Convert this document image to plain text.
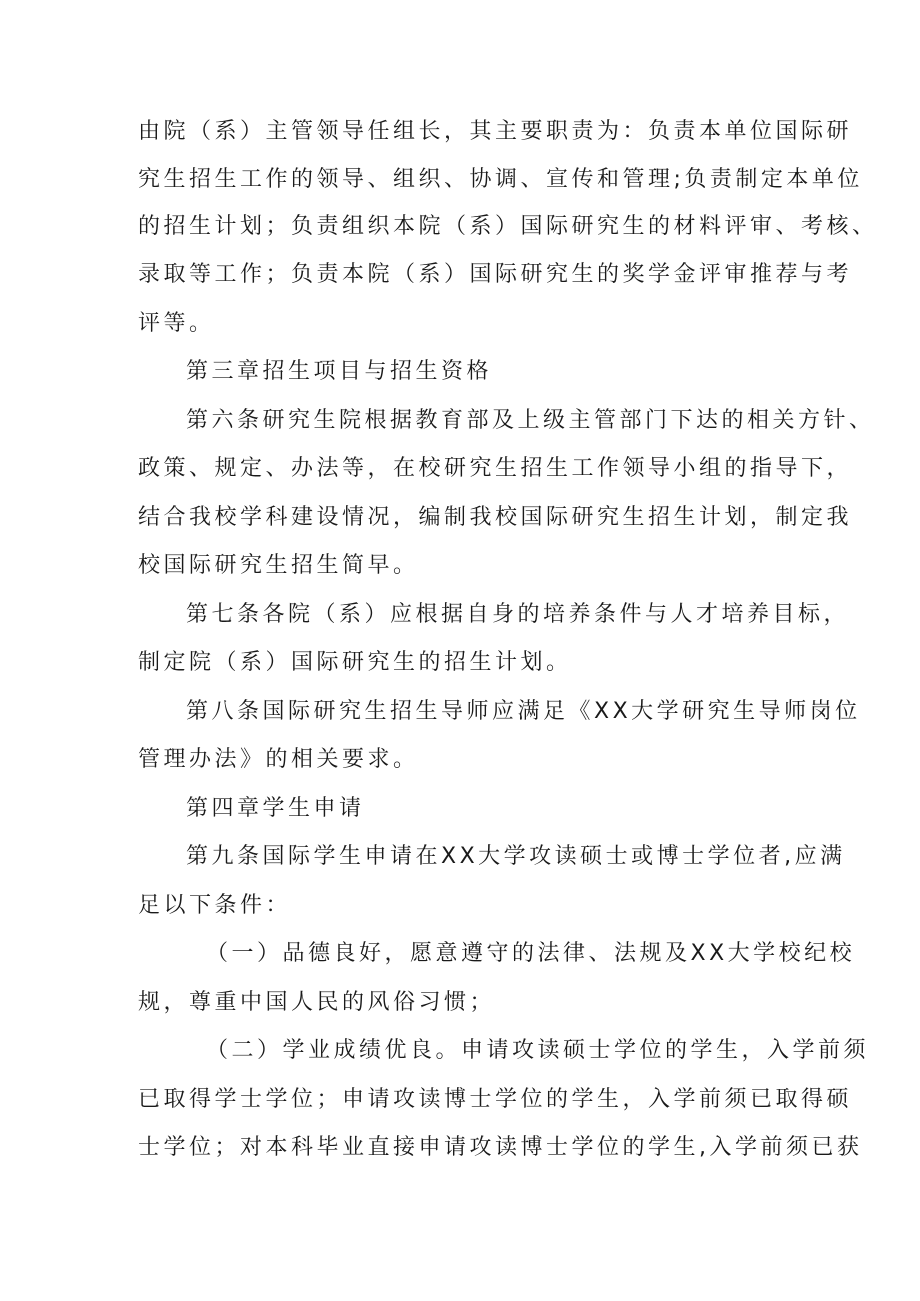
由院（系）主管领导任组长，其主要职责为：负责本单位国际研
究生招生工作的领导、组织、协调、宣传和管理;负责制定本单位
的招生计划；负责组织本院（系）国际研究生的材料评审、考核、
录取等工作；负责本院（系）国际研究生的奖学金评审推荐与考
评等。
第三章招生项目与招生资格
第六条研究生院根据教育部及上级主管部门下达的相关方针、
政策、规定、办法等，在校研究生招生工作领导小组的指导下，
结合我校学科建设情况，编制我校国际研究生招生计划，制定我
校国际研究生招生简早。
第七条各院（系）应根据自身的培养条件与人才培养目标，
制定院（系）国际研究生的招生计划。
第八条国际研究生招生导师应满足《XX大学研究生导师岗位
管理办法》的相关要求。
第四章学生申请
第九条国际学生申请在XX大学攻读硕士或博士学位者,应满
足以下条件：
（一）品德良好，愿意遵守的法律、法规及XX大学校纪校
规，尊重中国人民的风俗习惯；
（二）学业成绩优良。申请攻读硕士学位的学生，入学前须
已取得学士学位；申请攻读博士学位的学生，入学前须已取得硕
士学位；对本科毕业直接申请攻读博士学位的学生,入学前须已获
